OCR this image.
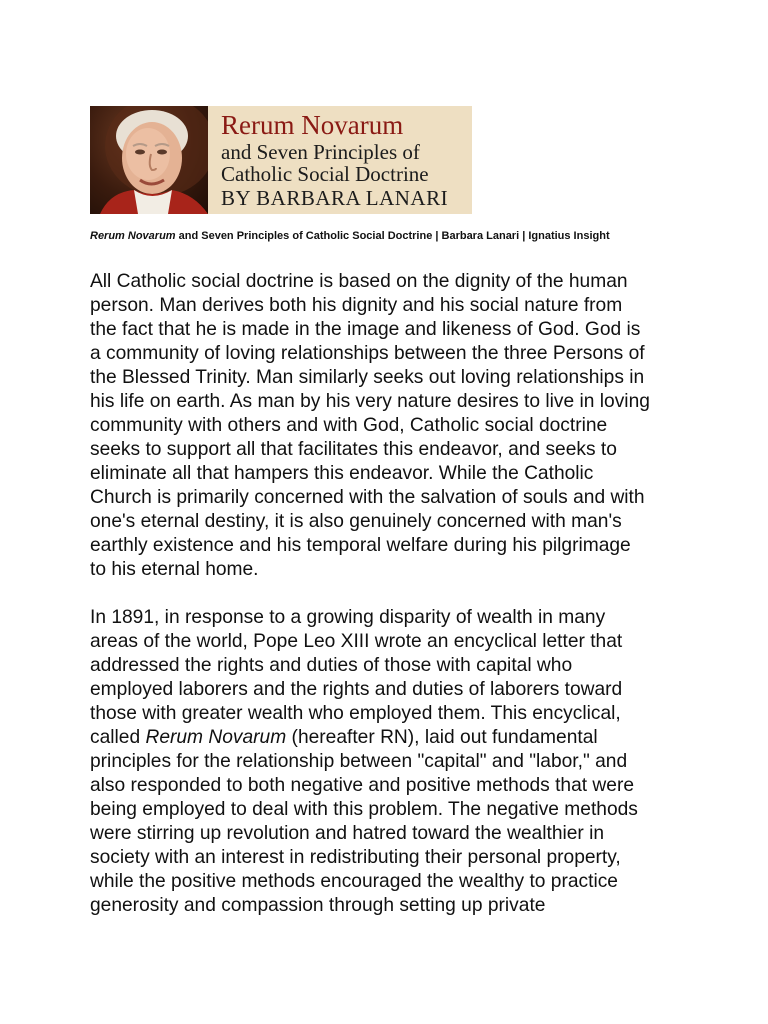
Rerum Novarum
and Seven Principles of
Catholic Social Doctrine
BY BARBARA LANARI
Rerum Novarum and Seven Principles of Catholic Social Doctrine | Barbara Lanari | Ignatius Insight
All Catholic social doctrine is based on the dignity of the human
person. Man derives both his dignity and his social nature from
the fact that he is made in the image and likeness of God. God is
a community of loving relationships between the three Persons of
the Blessed Trinity. Man similarly seeks out loving relationships in
his life on earth. As man by his very nature desires to live in loving
community with others and with God, Catholic social doctrine
seeks to support all that facilitates this endeavor, and seeks to
eliminate all that hampers this endeavor. While the Catholic
Church is primarily concerned with the salvation of souls and with
one's eternal destiny, it is also genuinely concerned with man's
earthly existence and his temporal welfare during his pilgrimage
to his eternal home.
In 1891, in response to a growing disparity of wealth in many
areas of the world, Pope Leo XIII wrote an encyclical letter that
addressed the rights and duties of those with capital who
employed laborers and the rights and duties of laborers toward
those with greater wealth who employed them. This encyclical,
called Rerum Novarum (hereafter RN), laid out fundamental
principles for the relationship between "capital" and "labor," and
also responded to both negative and positive methods that were
being employed to deal with this problem. The negative methods
were stirring up revolution and hatred toward the wealthier in
society with an interest in redistributing their personal property,
while the positive methods encouraged the wealthy to practice
generosity and compassion through setting up private
